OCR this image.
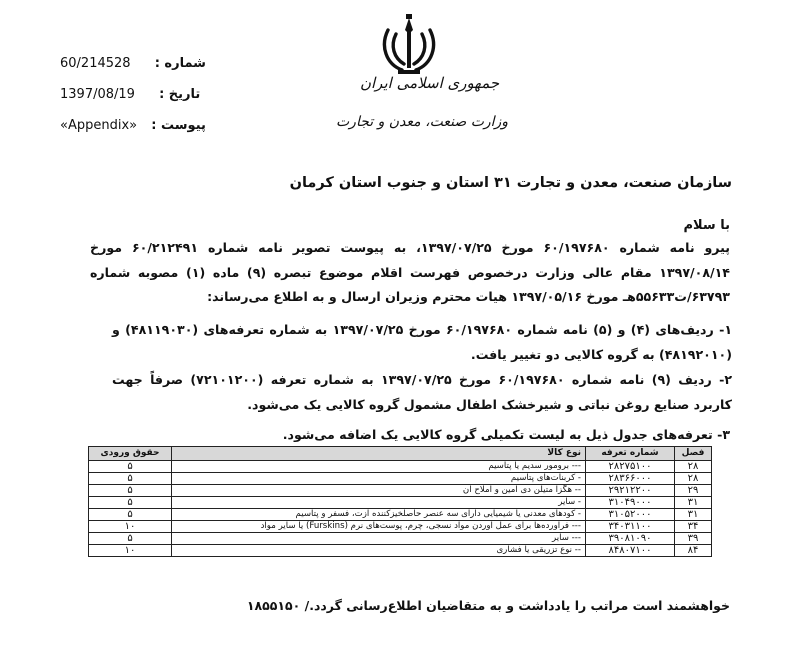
جمهوری اسلامی ایران
وزارت صنعت، معدن و تجارت
شماره : 60/214528
تاریخ : 1397/08/19
پیوست : «Appendix»
سازمان صنعت، معدن و تجارت ۳۱ استان و جنوب استان کرمان
با سلام
پیرو نامه شماره ۶۰/۱۹۷۶۸۰ مورخ ۱۳۹۷/۰۷/۲۵، به پیوست تصویر نامه شماره ۶۰/۲۱۲۴۹۱ مورخ ۱۳۹۷/۰۸/۱۴ مقام عالی وزارت درخصوص فهرست اقلام موضوع تبصره (۹) ماده (۱) مصوبه شماره ۶۳۷۹۳/ت۵۵۶۳۳هـ مورخ ۱۳۹۷/۰۵/۱۶ هیات محترم وزیران ارسال و به اطلاع می‌رساند:
۱- ردیف‌های (۴) و (۵) نامه شماره ۶۰/۱۹۷۶۸۰ مورخ ۱۳۹۷/۰۷/۲۵ به شماره تعرفه‌های (۴۸۱۱۹۰۳۰) و (۴۸۱۹۲۰۱۰) به گروه کالایی دو تغییر یافت.
۲- ردیف (۹) نامه شماره ۶۰/۱۹۷۶۸۰ مورخ ۱۳۹۷/۰۷/۲۵ به شماره تعرفه (۷۲۱۰۱۲۰۰) صرفاً جهت کاربرد صنایع روغن نباتی و شیرخشک اطفال مشمول گروه کالایی یک می‌شود.
۳- تعرفه‌های جدول ذیل به لیست تکمیلی گروه کالایی یک اضافه می‌شود.
فصل	شماره تعرفه	نوع کالا	حقوق ورودی
۲۸	۲۸۲۷۵۱۰۰	--- برومور سدیم یا پتاسیم	۵
۲۸	۲۸۳۶۶۰۰۰	- کربنات‌های پتاسیم	۵
۲۹	۲۹۲۱۲۲۰۰	-- هگزا متیلن دی آمین و املاح آن	۵
۳۱	۳۱۰۴۹۰۰۰	- سایر	۵
۳۱	۳۱۰۵۲۰۰۰	- کودهای معدنی یا شیمیایی دارای سه عنصر حاصلخیزکننده ازت، فسفر و پتاسیم	۵
۳۴	۳۴۰۳۱۱۰۰	--- فرآورده‌ها برای عمل آوردن مواد نسجی، چرم، پوست‌های نرم (Furskins) یا سایر مواد	۱۰
۳۹	۳۹۰۸۱۰۹۰	--- سایر	۵
۸۴	۸۴۸۰۷۱۰۰	-- نوع تزریقی یا فشاری	۱۰
خواهشمند است مراتب را یادداشت و به متقاضیان اطلاع‌رسانی گردد./ ۱۸۵۵۱۵۰
